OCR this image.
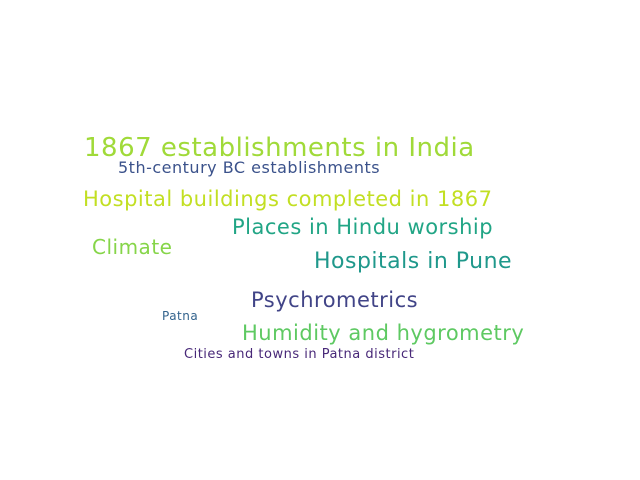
1867 establishments in India
5th-century BC establishments
Hospital buildings completed in 1867
Places in Hindu worship
Climate
Hospitals in Pune
Psychrometrics
Patna
Humidity and hygrometry
Cities and towns in Patna district
